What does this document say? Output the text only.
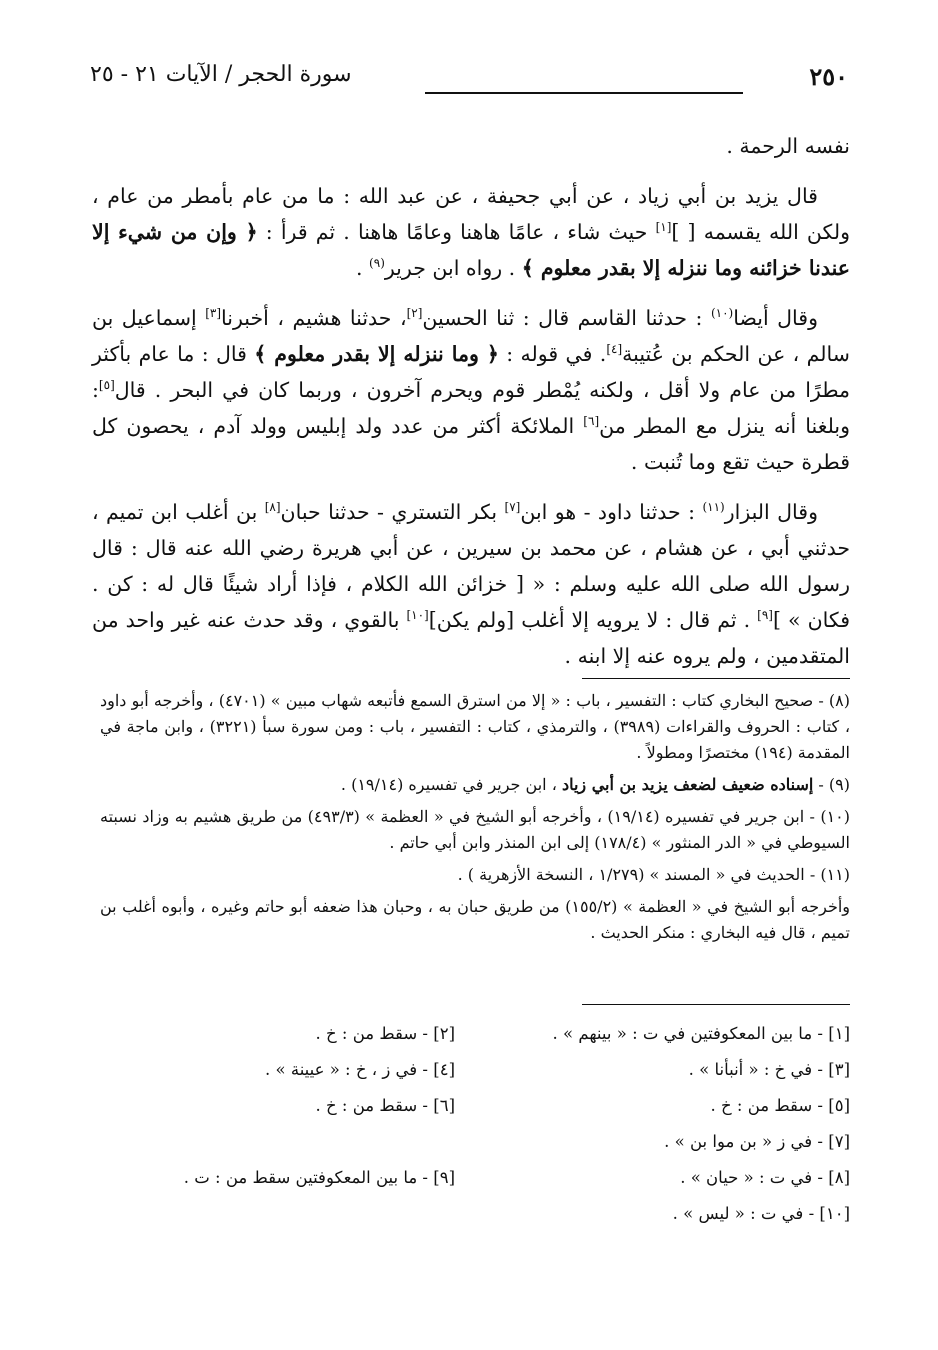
٢٥٠
سورة الحجر / الآيات ٢١ - ٢٥

نفسه الرحمة .

قال يزيد بن أبي زياد ، عن أبي جحيفة ، عن عبد الله : ما من عام بأمطر من عام ، ولكن الله يقسمه [ ][١] حيث شاء ، عامًا هاهنا وعامًا هاهنا . ثم قرأ : ﴿ وإن من شيء إلا عندنا خزائنه وما ننزله إلا بقدر معلوم ﴾ . رواه ابن جرير$^{(٩)}$ .

وقال أيضا$^{(١٠)}$ : حدثنا القاسم قال : ثنا الحسين[٢]، حدثنا هشيم ، أخبرنا[٣] إسماعيل بن سالم ، عن الحكم بن عُتيبة[٤]. في قوله : ﴿ وما ننزله إلا بقدر معلوم ﴾ قال : ما عام بأكثر مطرًا من عام ولا أقل ، ولكنه يُمْطر قوم ويحرم آخرون ، وربما كان في البحر . قال[٥]: وبلغنا أنه ينزل مع المطر من[٦] الملائكة أكثر من عدد ولد إبليس وولد آدم ، يحصون كل قطرة حيث تقع وما تُنبت .

وقال البزار$^{(١١)}$ : حدثنا داود - هو ابن[٧] بكر التستري - حدثنا حبان[٨] بن أغلب ابن تميم ، حدثني أبي ، عن هشام ، عن محمد بن سيرين ، عن أبي هريرة رضي الله عنه قال : قال رسول الله صلى الله عليه وسلم : « [ خزائن الله الكلام ، فإذا أراد شيئًا قال له : كن . فكان » ][٩] . ثم قال : لا يرويه إلا أغلب [ولم يكن][١٠] بالقوي ، وقد حدث عنه غير واحد من المتقدمين ، ولم يروه عنه إلا ابنه .

(٨) - صحيح البخاري كتاب : التفسير ، باب : « إلا من استرق السمع فأتبعه شهاب مبين » (٤٧٠١) ، وأخرجه أبو داود ، كتاب : الحروف والقراءات (٣٩٨٩) ، والترمذي ، كتاب : التفسير ، باب : ومن سورة سبأ (٣٢٢١) ، وابن ماجة في المقدمة (١٩٤) مختصرًا ومطولاً .

(٩) - إسناده ضعيف لضعف يزيد بن أبي زياد ، ابن جرير في تفسيره (١٩/١٤) .

(١٠) - ابن جرير في تفسيره (١٩/١٤) ، وأخرجه أبو الشيخ في « العظمة » (٤٩٣/٣) من طريق هشيم به وزاد نسبته السيوطي في « الدر المنثور » (١٧٨/٤) إلى ابن المنذر وابن أبي حاتم .

(١١) - الحديث في « المسند » (١/٢٧٩ ، النسخة الأزهرية ) .

وأخرجه أبو الشيخ في « العظمة » (١٥٥/٢) من طريق حبان به ، وحبان هذا ضعفه أبو حاتم وغيره ، وأبوه أغلب بن تميم ، قال فيه البخاري : منكر الحديث .

[١] - ما بين المعكوفتين في ت : « بينهم » .
[٢] - سقط من : خ .
[٣] - في خ : « أنبأنا » .
[٤] - في ز ، خ : « عيينة » .
[٥] - سقط من : خ .
[٦] - سقط من : خ .
[٧] - في ز « بن موا بن » .
[٨] - في ت : « حيان » .
[٩] - ما بين المعكوفتين سقط من : ت .
[١٠] - في ت : « ليس » .
